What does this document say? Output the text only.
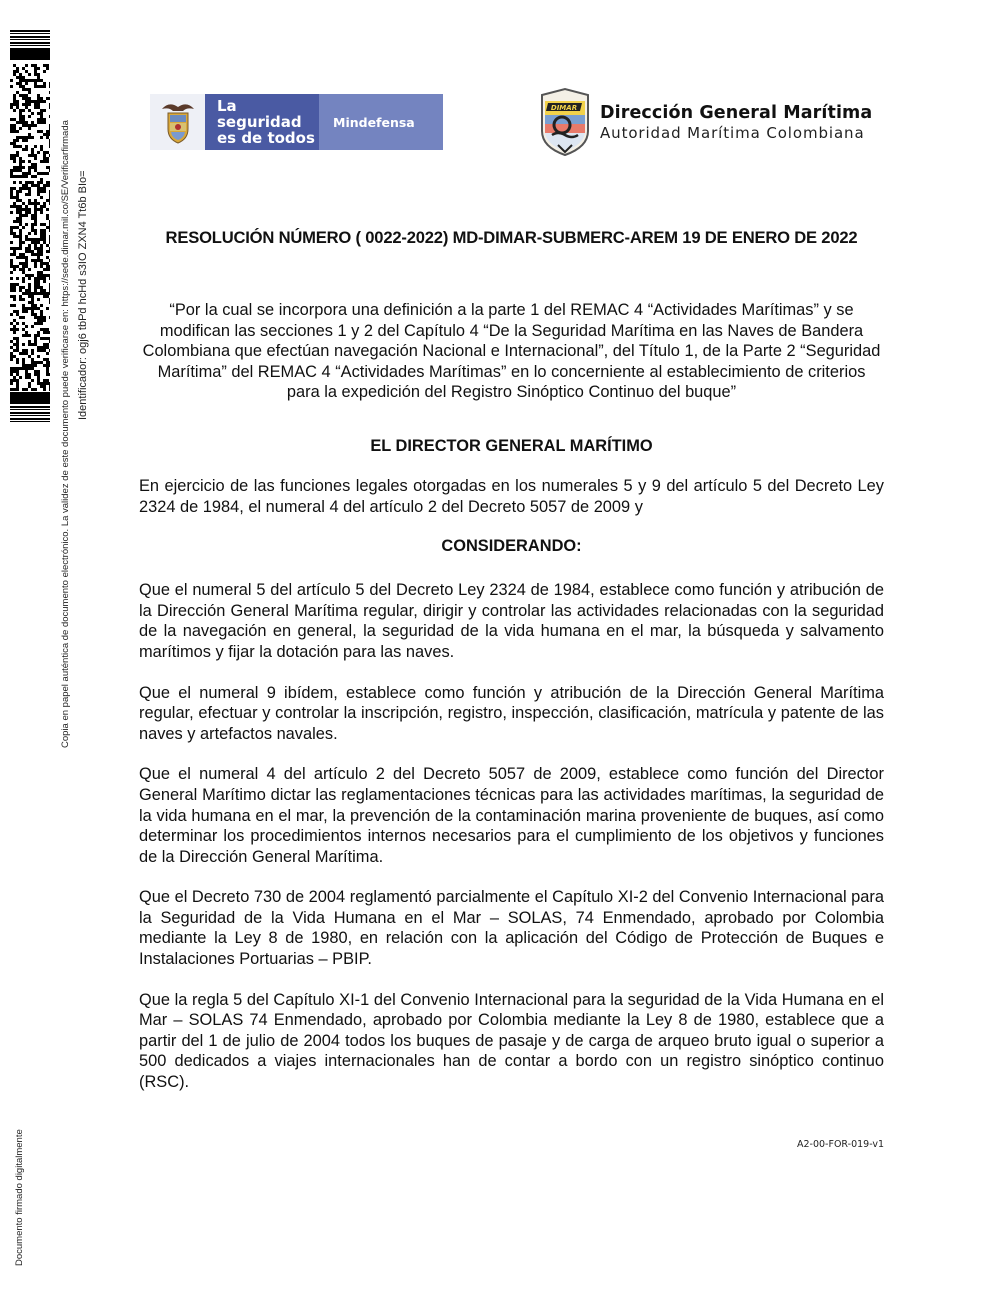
Copia en papel auténtica de documento electrónico. La validez de este documento puede verificarse en: https://sede.dimar.mil.co/SE/Verificarfirmada Identificador: ogj6 tbPd hcHd s3IO ZXN4 Tt6b BIo=
Documento firmado digitalmente
La seguridad
es de todos
Mindefensa
DIMAR Dirección General Marítima
Autoridad Marítima Colombiana
RESOLUCIÓN NÚMERO ( 0022-2022) MD-DIMAR-SUBMERC-AREM 19 DE ENERO DE 2022
“Por la cual se incorpora una definición a la parte 1 del REMAC 4 “Actividades Marítimas” y se modifican las secciones 1 y 2 del Capítulo 4 “De la Seguridad Marítima en las Naves de Bandera Colombiana que efectúan navegación Nacional e Internacional”, del Título 1, de la Parte 2 “Seguridad Marítima” del REMAC 4 “Actividades Marítimas” en lo concerniente al establecimiento de criterios para la expedición del Registro Sinóptico Continuo del buque”
EL DIRECTOR GENERAL MARÍTIMO
En ejercicio de las funciones legales otorgadas en los numerales 5 y 9 del artículo 5 del Decreto Ley 2324 de 1984, el numeral 4 del artículo 2 del Decreto 5057 de 2009 y
CONSIDERANDO:
Que el numeral 5 del artículo 5 del Decreto Ley 2324 de 1984, establece como función y atribución de la Dirección General Marítima regular, dirigir y controlar las actividades relacionadas con la seguridad de la navegación en general, la seguridad de la vida humana en el mar, la búsqueda y salvamento marítimos y fijar la dotación para las naves.
Que el numeral 9 ibídem, establece como función y atribución de la Dirección General Marítima regular, efectuar y controlar la inscripción, registro, inspección, clasificación, matrícula y patente de las naves y artefactos navales.
Que el numeral 4 del artículo 2 del Decreto 5057 de 2009, establece como función del Director General Marítimo dictar las reglamentaciones técnicas para las actividades marítimas, la seguridad de la vida humana en el mar, la prevención de la contaminación marina proveniente de buques, así como determinar los procedimientos internos necesarios para el cumplimiento de los objetivos y funciones de la Dirección General Marítima.
Que el Decreto 730 de 2004 reglamentó parcialmente el Capítulo XI-2 del Convenio Internacional para la Seguridad de la Vida Humana en el Mar – SOLAS, 74 Enmendado, aprobado por Colombia mediante la Ley 8 de 1980, en relación con la aplicación del Código de Protección de Buques e Instalaciones Portuarias – PBIP.
Que la regla 5 del Capítulo XI-1 del Convenio Internacional para la seguridad de la Vida Humana en el Mar – SOLAS 74 Enmendado, aprobado por Colombia mediante la Ley 8 de 1980, establece que a partir del 1 de julio de 2004 todos los buques de pasaje y de carga de arqueo bruto igual o superior a 500 dedicados a viajes internacionales han de contar a bordo con un registro sinóptico continuo (RSC).
A2-00-FOR-019-v1
